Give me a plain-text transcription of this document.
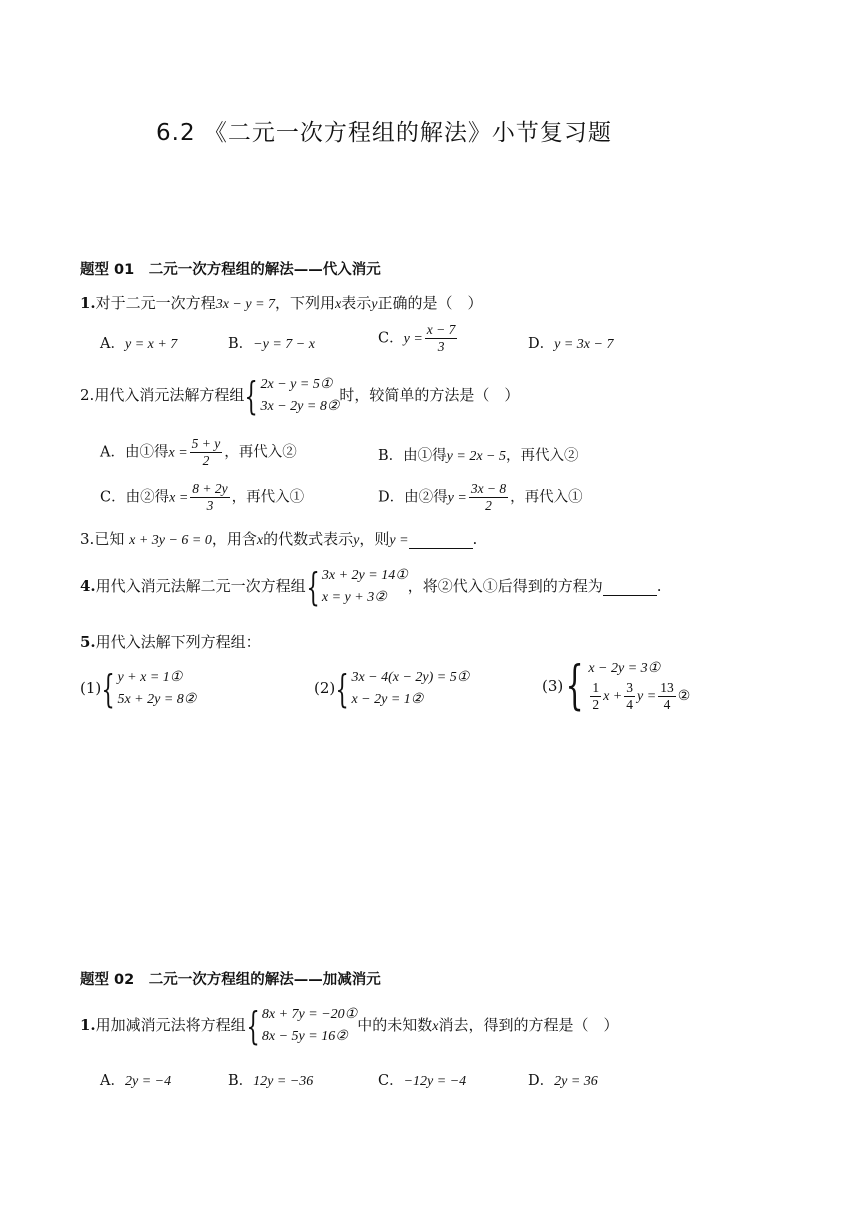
6.2 《二元一次方程组的解法》小节复习题
题型 01　二元一次方程组的解法——代入消元
1.对于二元一次方程3x − y = 7，下列用x表示y正确的是（　）
A．y = x + 7	B．−y = 7 − x	C．$y = \frac{x - 7}{3}$	D．y = 3x − 7
2.用代入消元法解方程组{ 2x − y = 5①
3x − 2y = 8②
时，较简单的方法是（　）
A．由①得$x = \frac{5 + y}{2}$ ，再代入②	B．由①得y = 2x − 5，再代入②
C．由②得$x = \frac{8 + 2y}{3}$ ，再代入①	D．由②得$y = \frac{3x - 8}{2}$ ，再代入①
3.已知 x + 3y − 6 = 0，用含x的代数式表示y，则y =	.
4.用代入消元法解二元一次方程组{ 3x + 2y = 14①
x = y + 3②
，将②代入①后得到的方程为	.
5.用代入法解下列方程组：
(1){ y + x = 1①
5x + 2y = 8②
(2){ 3x − 4(x − 2y) = 5①
x − 2y = 1②
(3){ x − 2y = 3①
$\frac{1}{2}$ $x + \frac{3}{4}$ $y = \frac{13}{4}$ ②
题型 02　二元一次方程组的解法——加减消元
1.用加减消元法将方程组{ 8x + 7y = −20①
8x − 5y = 16②
中的未知数x消去，得到的方程是（　）
A．2y = −4	B．12y = −36	C．−12y = −4	D．2y = 36
